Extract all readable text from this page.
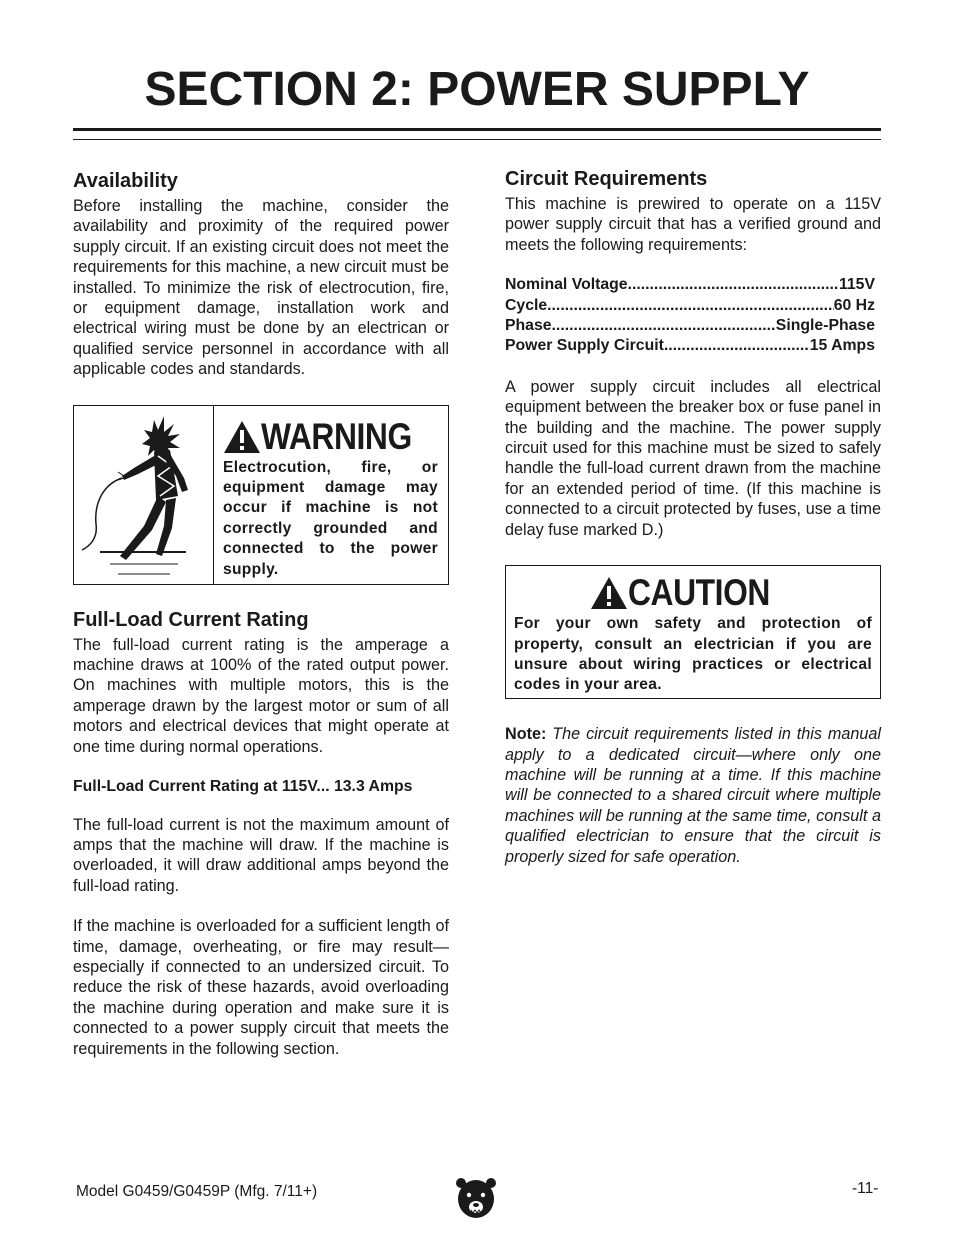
SECTION 2: POWER SUPPLY
Availability

Before installing the machine, consider the availability and proximity of the required power supply circuit. If an existing circuit does not meet the requirements for this machine, a new circuit must be installed. To minimize the risk of electrocution, fire, or equipment damage, installation work and electrical wiring must be done by an electrican or qualified service personnel in accordance with all applicable codes and standards.

WARNING

Electrocution, fire, or equipment damage may occur if machine is not correctly grounded and connected to the power supply.

Full-Load Current Rating

The full-load current rating is the amperage a machine draws at 100% of the rated output power. On machines with multiple motors, this is the amperage drawn by the largest motor or sum of all motors and electrical devices that might operate at one time during normal operations.

Full-Load Current Rating at 115V... 13.3 Amps

The full-load current is not the maximum amount of amps that the machine will draw. If the machine is overloaded, it will draw additional amps beyond the full-load rating.

If the machine is overloaded for a sufficient length of time, damage, overheating, or fire may result—especially if connected to an undersized circuit. To reduce the risk of these hazards, avoid overloading the machine during operation and make sure it is connected to a power supply circuit that meets the requirements in the following section.

Circuit Requirements

This machine is prewired to operate on a 115V power supply circuit that has a verified ground and meets the following requirements:

Nominal Voltage .....	115V
Cycle .....	60 Hz
Phase .....	Single-Phase
Power Supply Circuit .....	15 Amps

A power supply circuit includes all electrical equipment between the breaker box or fuse panel in the building and the machine. The power supply circuit used for this machine must be sized to safely handle the full-load current drawn from the machine for an extended period of time. (If this machine is connected to a circuit protected by fuses, use a time delay fuse marked D.)

CAUTION

For your own safety and protection of property, consult an electrician if you are unsure about wiring practices or electrical codes in your area.

Note: The circuit requirements listed in this manual apply to a dedicated circuit—where only one machine will be running at a time. If this machine will be connected to a shared circuit where multiple machines will be running at the same time, consult a qualified electrician to ensure that the circuit is properly sized for safe operation.

Model G0459/G0459P (Mfg. 7/11+)	-11-
